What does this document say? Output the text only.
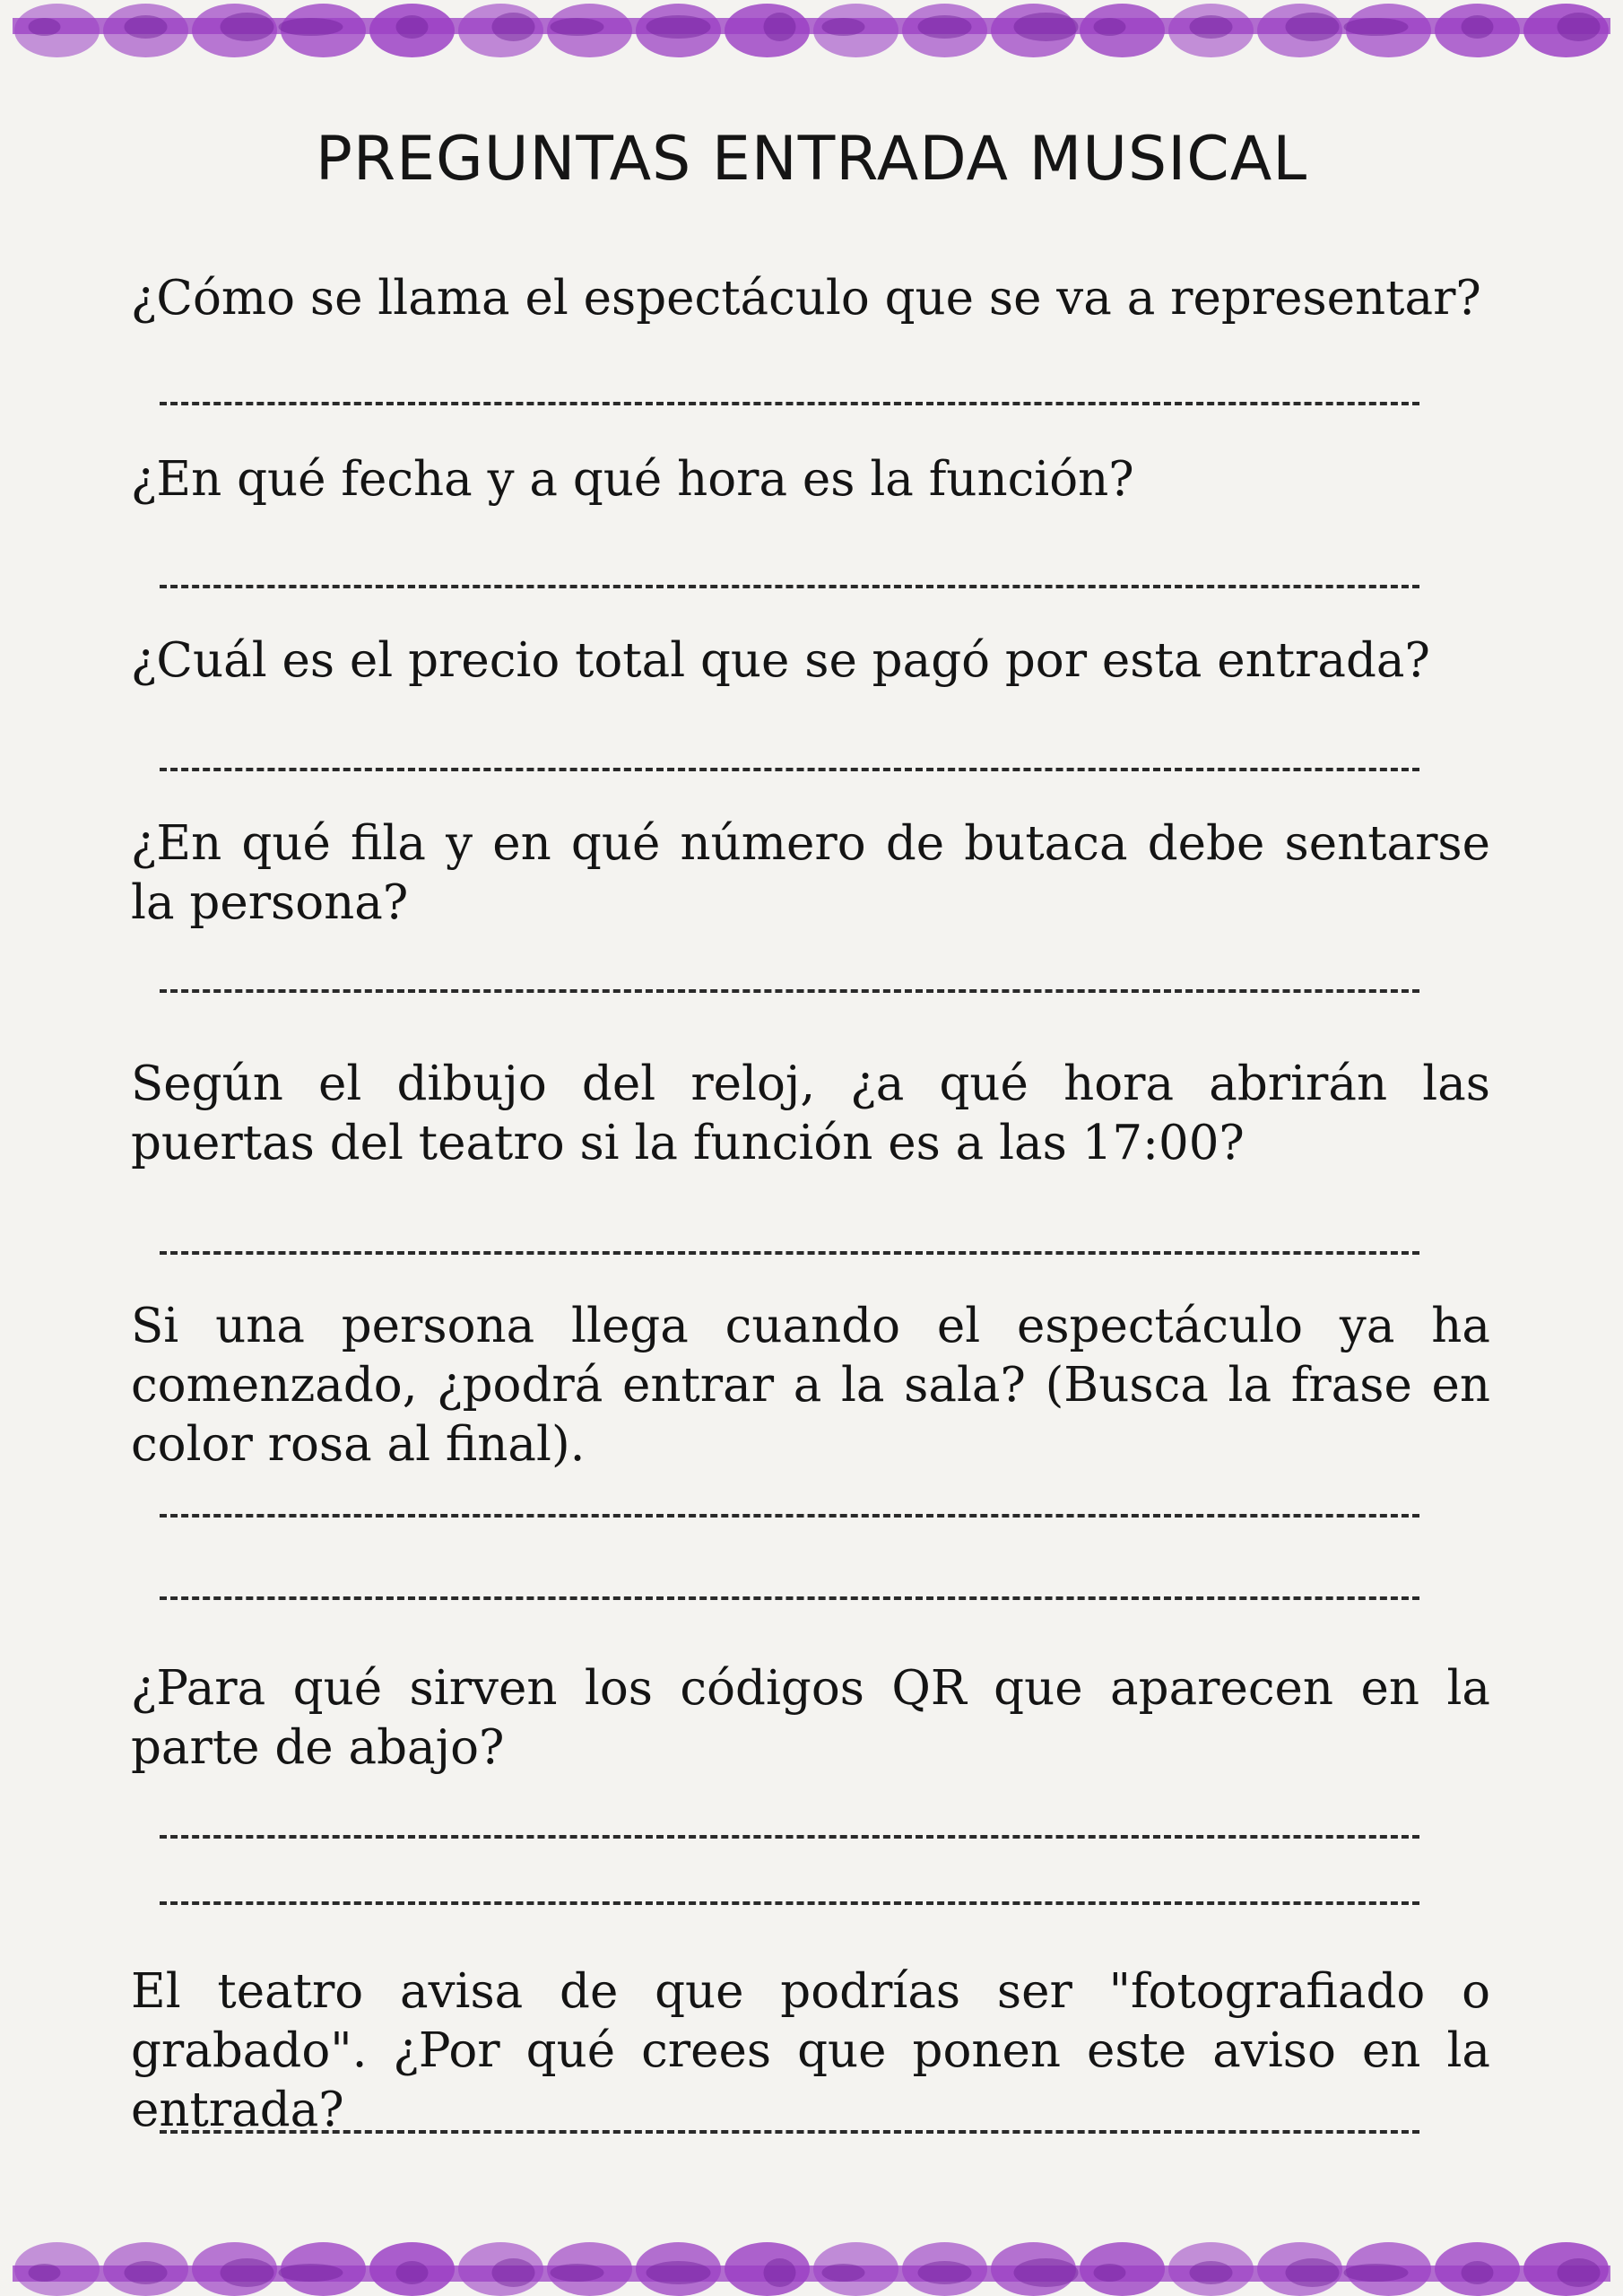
PREGUNTAS ENTRADA MUSICAL

¿Cómo se llama el espectáculo que se va a representar?

¿En qué fecha y a qué hora es la función?

¿Cuál es el precio total que se pagó por esta entrada?

¿En qué fila y en qué número de butaca debe sentarse la persona?

Según el dibujo del reloj, ¿a qué hora abrirán las puertas del teatro si la función es a las 17:00?

Si una persona llega cuando el espectáculo ya ha comenzado, ¿podrá entrar a la sala? (Busca la frase en color rosa al final).

¿Para qué sirven los códigos QR que aparecen en la parte de abajo?

El teatro avisa de que podrías ser "fotografiado o grabado". ¿Por qué crees que ponen este aviso en la entrada?
